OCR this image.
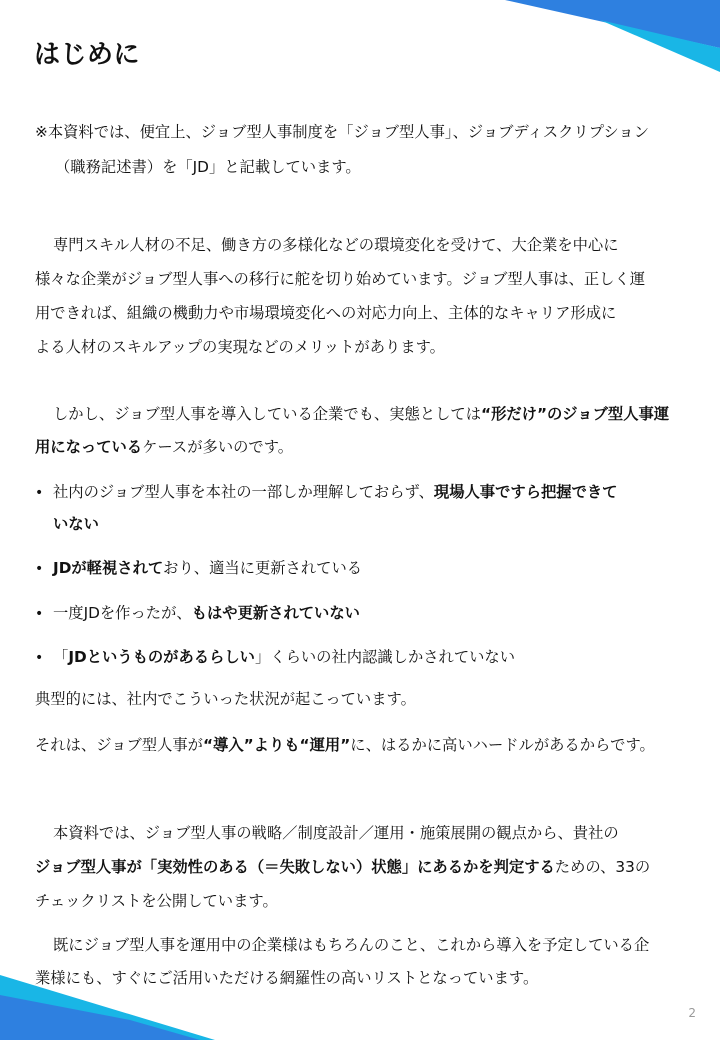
はじめに
※本資料では、便宜上、ジョブ型人事制度を「ジョブ型人事」、ジョブディスクリプション
（職務記述書）を「JD」と記載しています。
専門スキル人材の不足、働き方の多様化などの環境変化を受けて、大企業を中心に
様々な企業がジョブ型人事への移行に舵を切り始めています。ジョブ型人事は、正しく運
用できれば、組織の機動力や市場環境変化への対応力向上、主体的なキャリア形成に
よる人材のスキルアップの実現などのメリットがあります。
しかし、ジョブ型人事を導入している企業でも、実態としては“形だけ”のジョブ型人事運
用になっているケースが多いのです。
• 社内のジョブ型人事を本社の一部しか理解しておらず、現場人事ですら把握できて
いない
• JDが軽視されており、適当に更新されている
• 一度JDを作ったが、もはや更新されていない
• 「JDというものがあるらしい」くらいの社内認識しかされていない
典型的には、社内でこういった状況が起こっています。
それは、ジョブ型人事が“導入”よりも“運用”に、はるかに高いハードルがあるからです。
本資料では、ジョブ型人事の戦略／制度設計／運用・施策展開の観点から、貴社の
ジョブ型人事が「実効性のある（＝失敗しない）状態」にあるかを判定するための、33の
チェックリストを公開しています。
既にジョブ型人事を運用中の企業様はもちろんのこと、これから導入を予定している企
業様にも、すぐにご活用いただける網羅性の高いリストとなっています。
2
